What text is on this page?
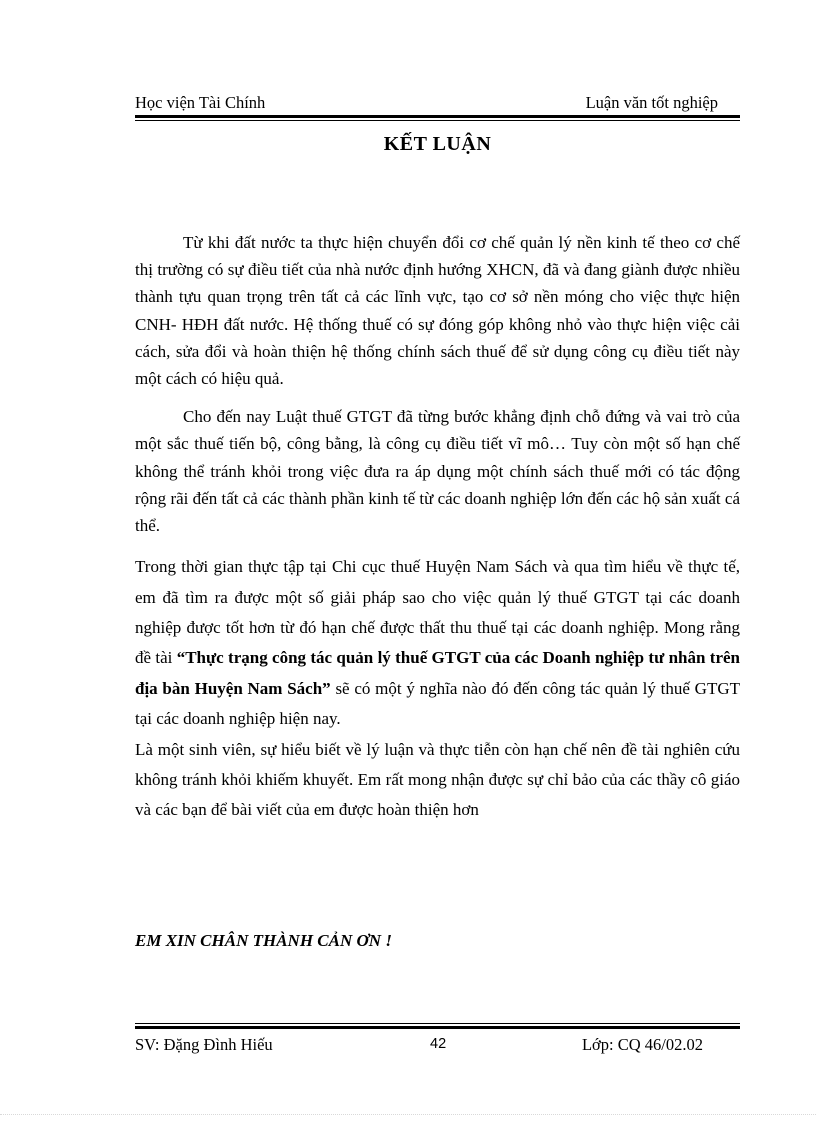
Học viện Tài Chính	Luận văn tốt nghiệp
KẾT LUẬN

Từ khi đất nước ta thực hiện chuyển đổi cơ chế quản lý nền kinh tế theo cơ chế thị trường có sự điều tiết của nhà nước định hướng XHCN, đã và đang giành được nhiều thành tựu quan trọng trên tất cả các lĩnh vực, tạo cơ sở nền móng cho việc thực hiện CNH- HĐH đất nước. Hệ thống thuế có sự đóng góp không nhỏ vào thực hiện việc cải cách, sửa đổi và hoàn thiện hệ thống chính sách thuế để sử dụng công cụ điều tiết này một cách có hiệu quả.

Cho đến nay Luật thuế GTGT đã từng bước khẳng định chỗ đứng và vai trò của một sắc thuế tiến bộ, công bằng, là công cụ điều tiết vĩ mô… Tuy còn một số hạn chế không thể tránh khỏi trong việc đưa ra áp dụng một chính sách thuế mới có tác động rộng rãi đến tất cả các thành phần kinh tế từ các doanh nghiệp lớn đến các hộ sản xuất cá thể.

Trong thời gian thực tập tại Chi cục thuế Huyện Nam Sách và qua tìm hiểu về thực tế, em đã tìm ra được một số giải pháp sao cho việc quản lý thuế GTGT tại các doanh nghiệp được tốt hơn từ đó hạn chế được thất thu thuế tại các doanh nghiệp. Mong rằng đề tài “Thực trạng công tác quản lý thuế GTGT của các Doanh nghiệp tư nhân trên địa bàn Huyện Nam Sách” sẽ có một ý nghĩa nào đó đến công tác quản lý thuế GTGT tại các doanh nghiệp hiện nay.

Là một sinh viên, sự hiểu biết về lý luận và thực tiễn còn hạn chế nên đề tài nghiên cứu không tránh khỏi khiếm khuyết. Em rất mong nhận được sự chỉ bảo của các thầy cô giáo và các bạn để bài viết của em được hoàn thiện hơn

EM XIN CHÂN THÀNH CẢN ƠN !
SV: Đặng Đình Hiếu	42	Lớp: CQ 46/02.02
